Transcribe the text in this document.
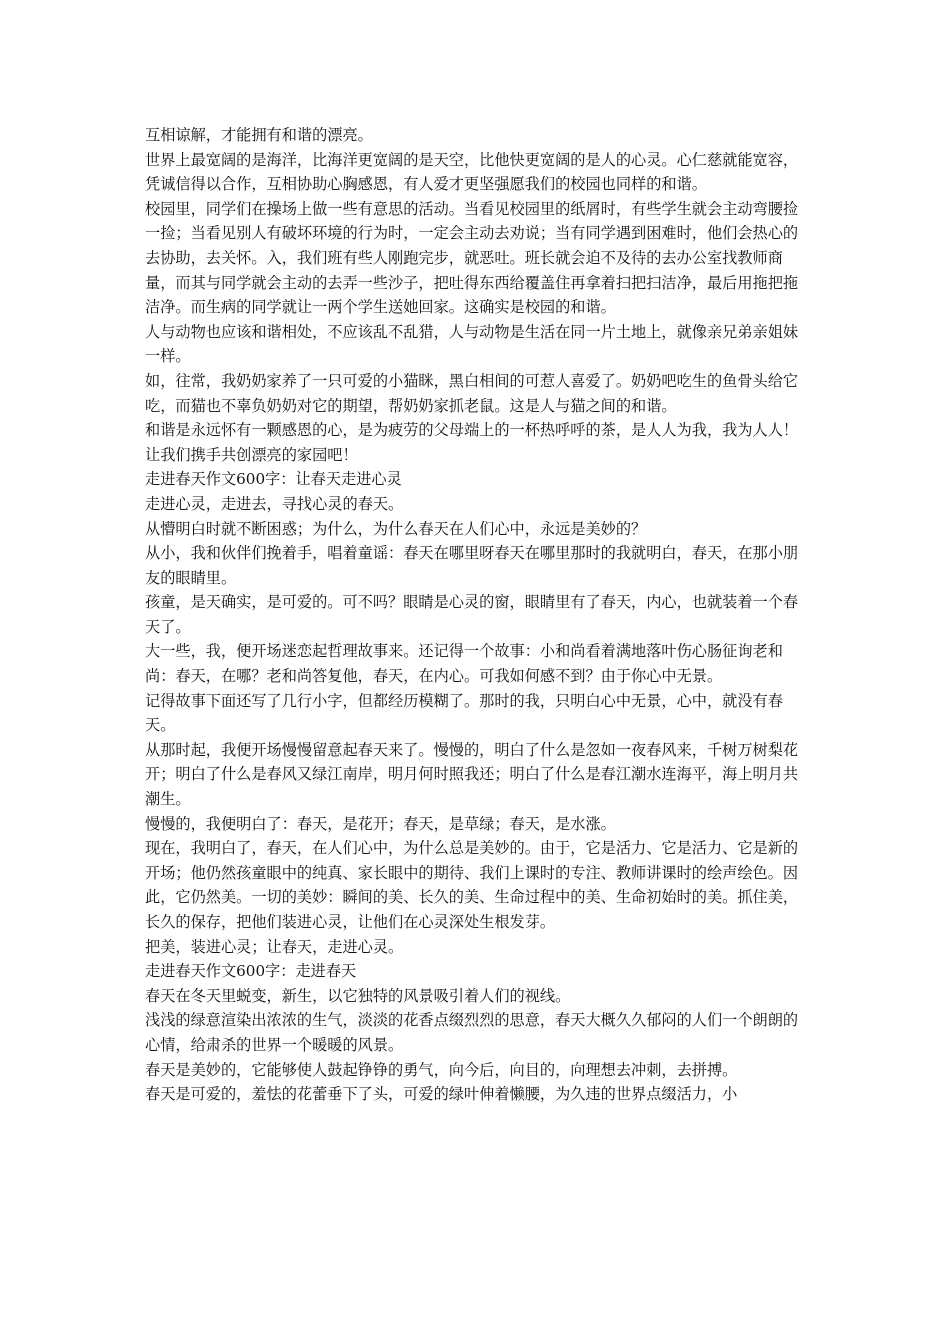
互相谅解，才能拥有和谐的漂亮。

世界上最宽阔的是海洋，比海洋更宽阔的是天空，比他快更宽阔的是人的心灵。心仁慈就能宽容，凭诚信得以合作，互相协助心胸感恩，有人爱才更坚强愿我们的校园也同样的和谐。

校园里，同学们在操场上做一些有意思的活动。当看见校园里的纸屑时，有些学生就会主动弯腰捡一捡；当看见别人有破坏环境的行为时，一定会主动去劝说；当有同学遇到困难时，他们会热心的去协助，去关怀。入，我们班有些人刚跑完步，就恶吐。班长就会迫不及待的去办公室找教师商量，而其与同学就会主动的去弄一些沙子，把吐得东西给覆盖住再拿着扫把扫洁净，最后用拖把拖洁净。而生病的同学就让一两个学生送她回家。这确实是校园的和谐。

人与动物也应该和谐相处，不应该乱不乱猎，人与动物是生活在同一片土地上，就像亲兄弟亲姐妹一样。

如，往常，我奶奶家养了一只可爱的小猫眯，黑白相间的可惹人喜爱了。奶奶吧吃生的鱼骨头给它吃，而猫也不辜负奶奶对它的期望，帮奶奶家抓老鼠。这是人与猫之间的和谐。

和谐是永远怀有一颗感恩的心，是为疲劳的父母端上的一杯热呼呼的茶，是人人为我，我为人人！

让我们携手共创漂亮的家园吧！

走进春天作文600字：让春天走进心灵

走进心灵，走进去，寻找心灵的春天。

从懵明白时就不断困惑；为什么，为什么春天在人们心中，永远是美妙的？

从小，我和伙伴们挽着手，唱着童谣：春天在哪里呀春天在哪里那时的我就明白，春天，在那小朋友的眼睛里。

孩童，是天确实，是可爱的。可不吗？眼睛是心灵的窗，眼睛里有了春天，内心，也就装着一个春天了。

大一些，我，便开场迷恋起哲理故事来。还记得一个故事：小和尚看着满地落叶伤心肠征询老和尚：春天，在哪？老和尚答复他，春天，在内心。可我如何感不到？由于你心中无景。

记得故事下面还写了几行小字，但都经历模糊了。那时的我，只明白心中无景，心中，就没有春天。

从那时起，我便开场慢慢留意起春天来了。慢慢的，明白了什么是忽如一夜春风来，千树万树梨花开；明白了什么是春风又绿江南岸，明月何时照我还；明白了什么是春江潮水连海平，海上明月共潮生。

慢慢的，我便明白了：春天，是花开；春天，是草绿；春天，是水涨。

现在，我明白了，春天，在人们心中，为什么总是美妙的。由于，它是活力、它是活力、它是新的开场；他仍然孩童眼中的纯真、家长眼中的期待、我们上课时的专注、教师讲课时的绘声绘色。因此，它仍然美。一切的美妙：瞬间的美、长久的美、生命过程中的美、生命初始时的美。抓住美，长久的保存，把他们装进心灵，让他们在心灵深处生根发芽。

把美，装进心灵；让春天，走进心灵。

走进春天作文600字：走进春天

春天在冬天里蜕变，新生，以它独特的风景吸引着人们的视线。

浅浅的绿意渲染出浓浓的生气，淡淡的花香点缀烈烈的思意，春天大概久久郁闷的人们一个朗朗的心情，给肃杀的世界一个暖暖的风景。

春天是美妙的，它能够使人鼓起铮铮的勇气，向今后，向目的，向理想去冲刺，去拼搏。

春天是可爱的，羞怯的花蕾垂下了头，可爱的绿叶伸着懒腰，为久违的世界点缀活力，小
